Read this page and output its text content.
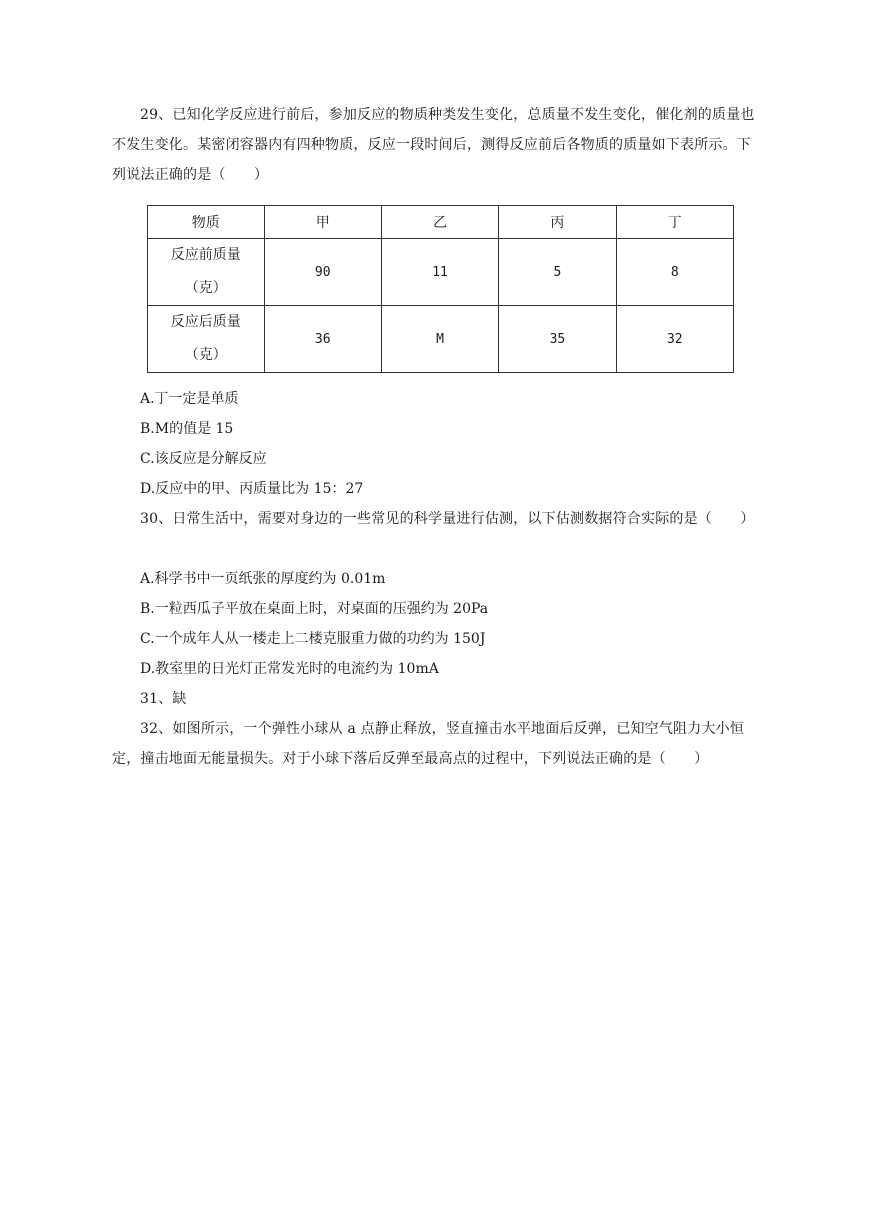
29、已知化学反应进行前后，参加反应的物质种类发生变化，总质量不发生变化，催化剂的质量也不发生变化。某密闭容器内有四种物质，反应一段时间后，测得反应前后各物质的质量如下表所示。下列说法正确的是（　　）
物质	甲	乙	丙	丁

反应前质量
（克）	90	11	5	8

反应后质量
（克）	36	M	35	32
A.丁一定是单质
B.M的值是 15
C.该反应是分解反应
D.反应中的甲、丙质量比为 15：27
30、日常生活中，需要对身边的一些常见的科学量进行估测，以下估测数据符合实际的是（　　）
A.科学书中一页纸张的厚度约为 0.01m
B.一粒西瓜子平放在桌面上时，对桌面的压强约为 20Pa
C.一个成年人从一楼走上二楼克服重力做的功约为 150J
D.教室里的日光灯正常发光时的电流约为 10mA
31、缺
32、如图所示，一个弹性小球从 a 点静止释放，竖直撞击水平地面后反弹，已知空气阻力大小恒定，撞击地面无能量损失。对于小球下落后反弹至最高点的过程中，下列说法正确的是（　　）
